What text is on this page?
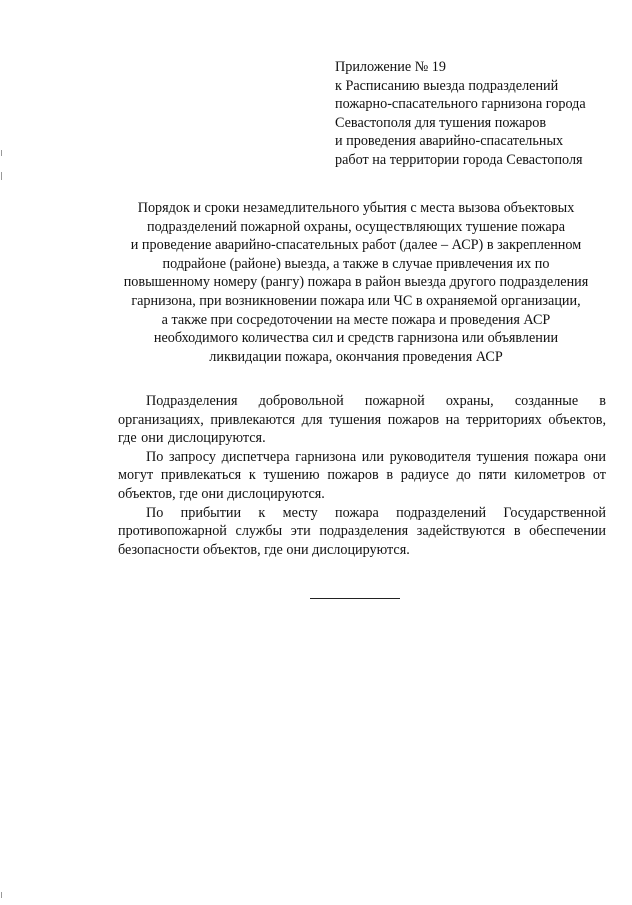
Приложение № 19
к Расписанию выезда подразделений
пожарно-спасательного гарнизона города
Севастополя для тушения пожаров
и проведения аварийно-спасательных
работ на территории города Севастополя
Порядок и сроки незамедлительного убытия с места вызова объектовых
подразделений пожарной охраны, осуществляющих тушение пожара
и проведение аварийно-спасательных работ (далее – АСР) в закрепленном
подрайоне (районе) выезда, а также в случае привлечения их по
повышенному номеру (рангу) пожара в район выезда другого подразделения
гарнизона, при возникновении пожара или ЧС в охраняемой организации,
а также при сосредоточении на месте пожара и проведения АСР
необходимого количества сил и средств гарнизона или объявлении
ликвидации пожара, окончания проведения АСР

Подразделения добровольной пожарной охраны, созданные в организациях, привлекаются для тушения пожаров на территориях объектов, где они дислоцируются.

По запросу диспетчера гарнизона или руководителя тушения пожара они могут привлекаться к тушению пожаров в радиусе до пяти километров от объектов, где они дислоцируются.

По прибытии к месту пожара подразделений Государственной противопожарной службы эти подразделения задействуются в обеспечении безопасности объектов, где они дислоцируются.
